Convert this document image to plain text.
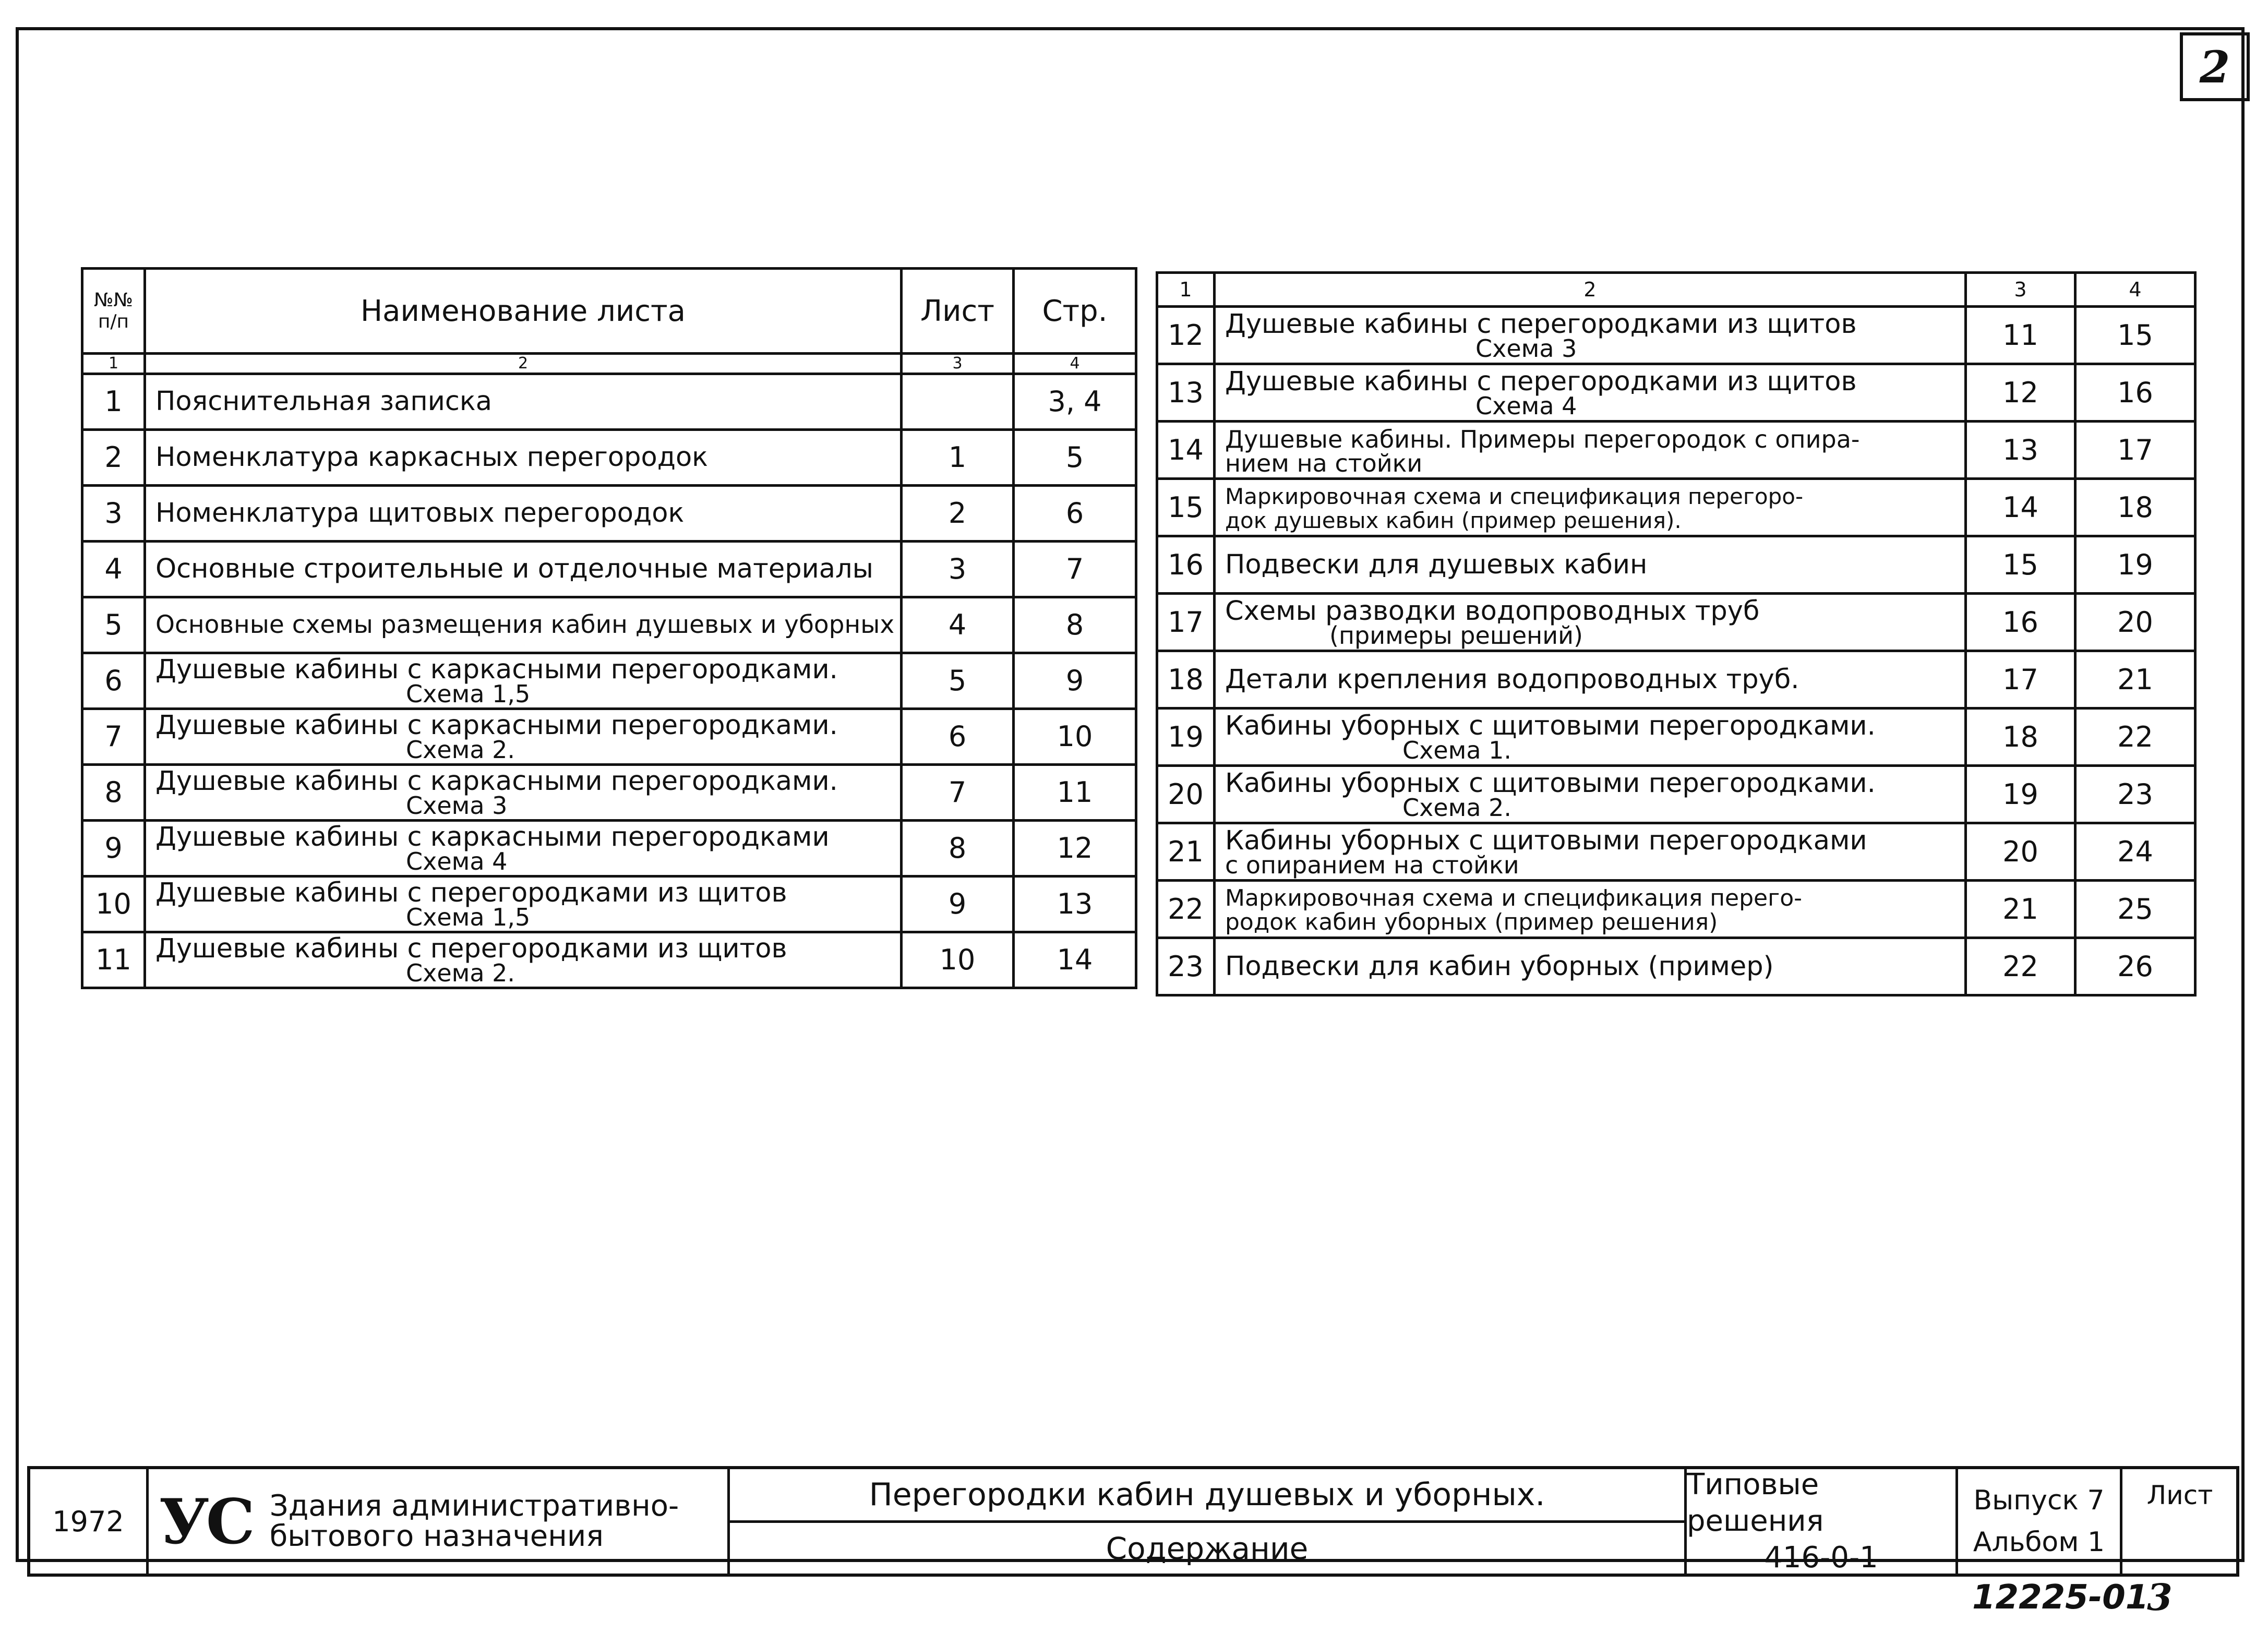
2
№№ п/п	Наименование листа	Лист	Стр.
1	2	3	4
1	Пояснительная записка		3, 4
2	Номенклатура каркасных перегородок	1	5
3	Номенклатура щитовых перегородок	2	6
4	Основные строительные и отделочные материалы	3	7
5	Основные схемы размещения кабин душевых и уборных	4	8
6	Душевые кабины с каркасными перегородками.
Схема 1,5	5	9
7	Душевые кабины с каркасными перегородками.
Схема 2.	6	10
8	Душевые кабины с каркасными перегородками.
Схема 3	7	11
9	Душевые кабины с каркасными перегородками
Схема 4	8	12
10	Душевые кабины с перегородками из щитов
Схема 1,5	9	13
11	Душевые кабины с перегородками из щитов
Схема 2.	10	14
1	2	3	4
12	Душевые кабины с перегородками из щитов
Схема 3	11	15
13	Душевые кабины с перегородками из щитов
Схема 4	12	16
14	Душевые кабины. Примеры перегородок с опира-
нием на стойки	13	17
15	Маркировочная схема и спецификация перегоро-
док душевых кабин (пример решения).	14	18
16	Подвески для душевых кабин	15	19
17	Схемы разводки водопроводных труб
(примеры решений)	16	20
18	Детали крепления водопроводных труб.	17	21
19	Кабины уборных с щитовыми перегородками.
Схема 1.	18	22
20	Кабины уборных с щитовыми перегородками.
Схема 2.	19	23
21	Кабины уборных с щитовыми перегородками
с опиранием на стойки	20	24
22	Маркировочная схема и спецификация перего-
родок кабин уборных (пример решения)	21	25
23	Подвески для кабин уборных (пример)	22	26
1972 УС Здания административно-
бытового назначения
Перегородки кабин душевых и уборных.
Содержание
Типовые решения
416-0-1
Выпуск 7
Альбом 1
Лист
12225-01
3
